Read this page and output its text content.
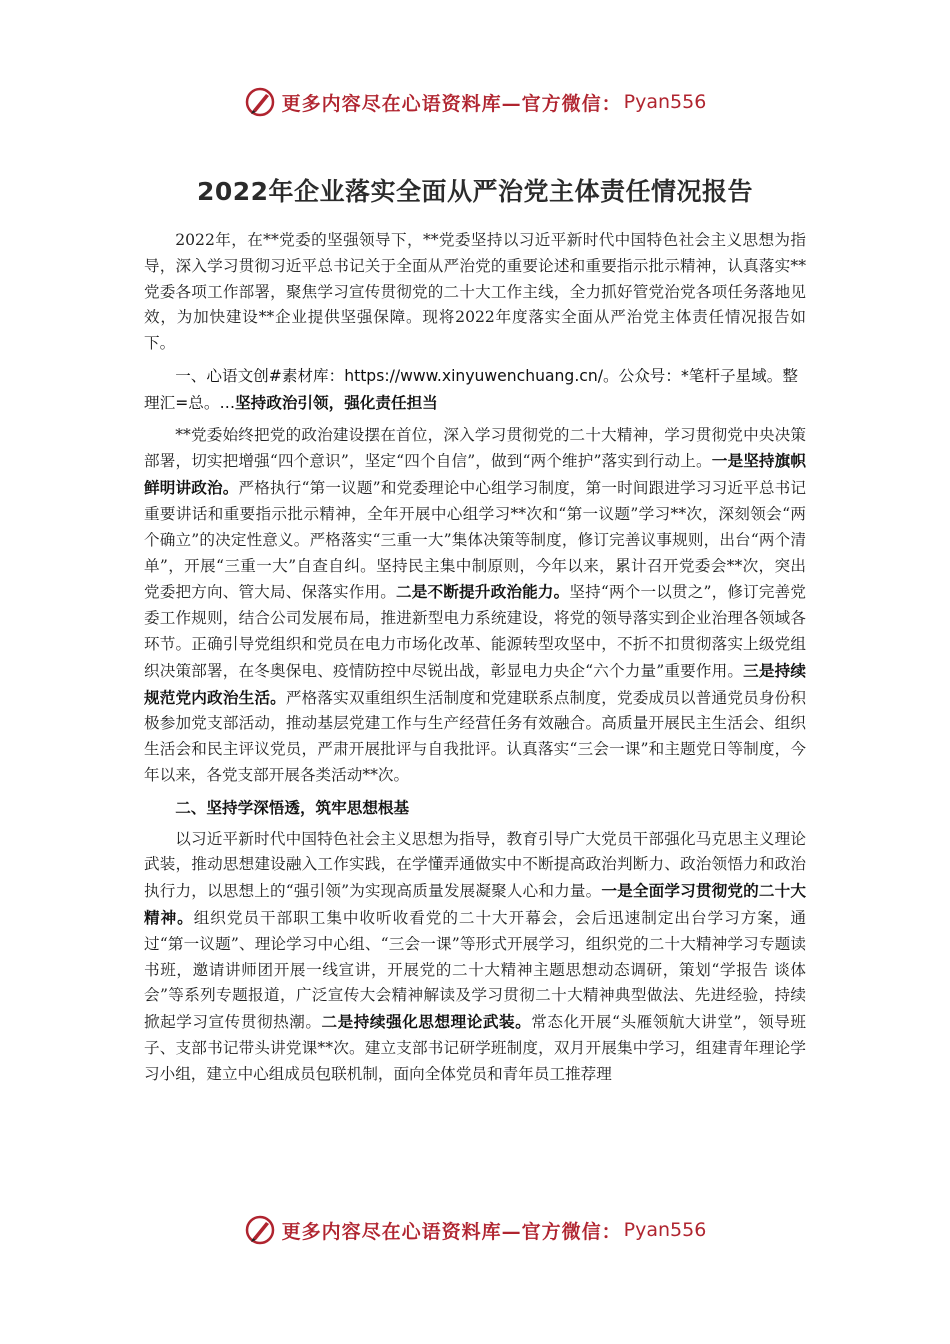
更多内容尽在心语资料库—官方微信： Pyan556
2022年企业落实全面从严治党主体责任情况报告

2022年，在**党委的坚强领导下，**党委坚持以习近平新时代中国特色社会主义思想为指导，深入学习贯彻习近平总书记关于全面从严治党的重要论述和重要指示批示精神，认真落实**党委各项工作部署，聚焦学习宣传贯彻党的二十大工作主线，全力抓好管党治党各项任务落地见效，为加快建设**企业提供坚强保障。现将2022年度落实全面从严治党主体责任情况报告如下。

一、心语文创#素材库：https://www.xinyuwenchuang.cn/。公众号：*笔杆子星域。整理汇=总。…坚持政治引领，强化责任担当

**党委始终把党的政治建设摆在首位，深入学习贯彻党的二十大精神，学习贯彻党中央决策部署，切实把增强“四个意识”，坚定“四个自信”，做到“两个维护”落实到行动上。一是坚持旗帜鲜明讲政治。严格执行“第一议题”和党委理论中心组学习制度，第一时间跟进学习习近平总书记重要讲话和重要指示批示精神，全年开展中心组学习**次和“第一议题”学习**次，深刻领会“两个确立”的决定性意义。严格落实“三重一大”集体决策等制度，修订完善议事规则，出台“两个清单”，开展“三重一大”自查自纠。坚持民主集中制原则，今年以来，累计召开党委会**次，突出党委把方向、管大局、保落实作用。二是不断提升政治能力。坚持“两个一以贯之”，修订完善党委工作规则，结合公司发展布局，推进新型电力系统建设，将党的领导落实到企业治理各领域各环节。正确引导党组织和党员在电力市场化改革、能源转型攻坚中，不折不扣贯彻落实上级党组织决策部署，在冬奥保电、疫情防控中尽锐出战，彰显电力央企“六个力量”重要作用。三是持续规范党内政治生活。严格落实双重组织生活制度和党建联系点制度，党委成员以普通党员身份积极参加党支部活动，推动基层党建工作与生产经营任务有效融合。高质量开展民主生活会、组织生活会和民主评议党员，严肃开展批评与自我批评。认真落实“三会一课”和主题党日等制度，今年以来，各党支部开展各类活动**次。

二、坚持学深悟透，筑牢思想根基

以习近平新时代中国特色社会主义思想为指导，教育引导广大党员干部强化马克思主义理论武装，推动思想建设融入工作实践，在学懂弄通做实中不断提高政治判断力、政治领悟力和政治执行力，以思想上的“强引领”为实现高质量发展凝聚人心和力量。一是全面学习贯彻党的二十大精神。组织党员干部职工集中收听收看党的二十大开幕会，会后迅速制定出台学习方案，通过“第一议题”、理论学习中心组、“三会一课”等形式开展学习，组织党的二十大精神学习专题读书班，邀请讲师团开展一线宣讲，开展党的二十大精神主题思想动态调研，策划“学报告 谈体会”等系列专题报道，广泛宣传大会精神解读及学习贯彻二十大精神典型做法、先进经验，持续掀起学习宣传贯彻热潮。二是持续强化思想理论武装。常态化开展“头雁领航大讲堂”，领导班子、支部书记带头讲党课**次。建立支部书记研学班制度，双月开展集中学习，组建青年理论学习小组，建立中心组成员包联机制，面向全体党员和青年员工推荐理

更多内容尽在心语资料库—官方微信： Pyan556
